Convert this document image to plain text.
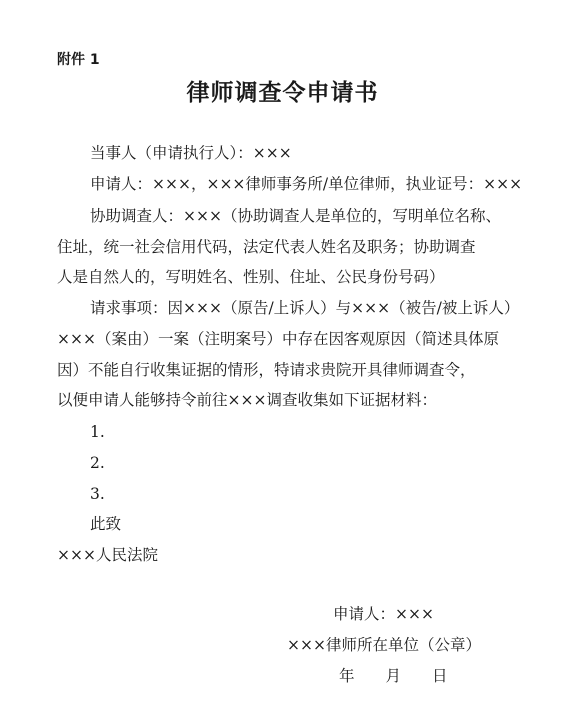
附件 1
律师调查令申请书
当事人（申请执行人）：×××
申请人：×××，×××律师事务所/单位律师，执业证号：×××
协助调查人：×××（协助调查人是单位的，写明单位名称、
住址，统一社会信用代码，法定代表人姓名及职务；协助调查
人是自然人的，写明姓名、性别、住址、公民身份号码）
请求事项：因×××（原告/上诉人）与×××（被告/被上诉人）
×××（案由）一案（注明案号）中存在因客观原因（简述具体原
因）不能自行收集证据的情形，特请求贵院开具律师调查令，
以便申请人能够持令前往×××调查收集如下证据材料：
1.
2.
3.
此致
×××人民法院
申请人：×××
×××律师所在单位（公章）
年　　月　　日
